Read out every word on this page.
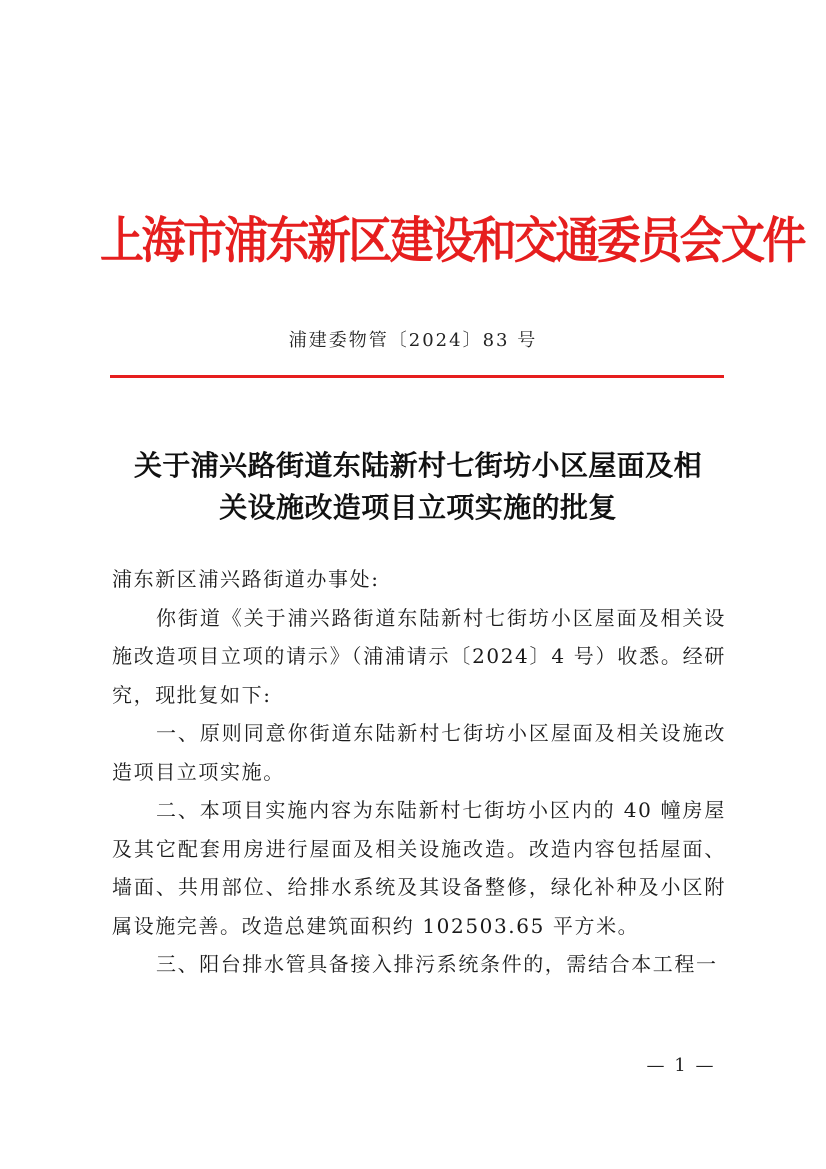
上海市浦东新区建设和交通委员会文件
浦建委物管〔2024〕83 号
关于浦兴路街道东陆新村七街坊小区屋面及相
关设施改造项目立项实施的批复

浦东新区浦兴路街道办事处:

你街道《关于浦兴路街道东陆新村七街坊小区屋面及相关设施改造项目立项的请示》（浦浦请示〔2024〕4 号）收悉。经研究，现批复如下:

一、原则同意你街道东陆新村七街坊小区屋面及相关设施改造项目立项实施。

二、本项目实施内容为东陆新村七街坊小区内的 40 幢房屋及其它配套用房进行屋面及相关设施改造。改造内容包括屋面、墙面、共用部位、给排水系统及其设备整修，绿化补种及小区附属设施完善。改造总建筑面积约 102503.65 平方米。

三、阳台排水管具备接入排污系统条件的，需结合本工程一

— 1 —
